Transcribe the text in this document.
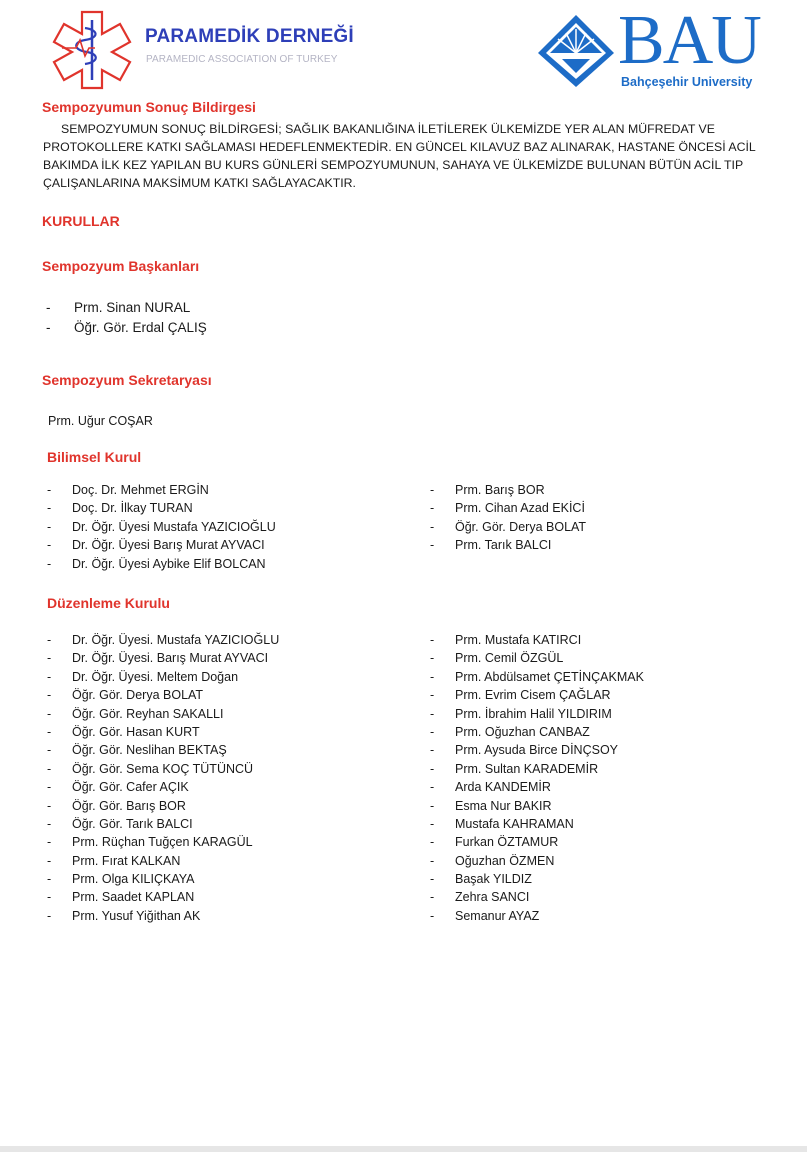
PARAMEDİK DERNEĞİ
PARAMEDIC ASSOCIATION OF TURKEY	BAU
Bahçeşehir University
Sempozyumun Sonuç Bildirgesi

SEMPOZYUMUN SONUÇ BİLDİRGESİ; SAĞLIK BAKANLIĞINA İLETİLEREK ÜLKEMİZDE YER ALAN MÜFREDAT VE PROTOKOLLERE KATKI SAĞLAMASI HEDEFLENMEKTEDİR. EN GÜNCEL KILAVUZ BAZ ALINARAK, HASTANE ÖNCESİ ACİL BAKIMDA İLK KEZ YAPILAN BU KURS GÜNLERİ SEMPOZYUMUNUN, SAHAYA VE ÜLKEMİZDE BULUNAN BÜTÜN ACİL TIP ÇALIŞANLARINA MAKSİMUM KATKI SAĞLAYACAKTIR.

KURULLAR
Sempozyum Başkanları
- Prm. Sinan NURAL
- Öğr. Gör. Erdal ÇALIŞ
Sempozyum Sekretaryası
Prm. Uğur COŞAR
Bilimsel Kurul
- Doç. Dr. Mehmet ERGİN
- Doç. Dr. İlkay TURAN
- Dr. Öğr. Üyesi Mustafa YAZICIOĞLU
- Dr. Öğr. Üyesi Barış Murat AYVACI
- Dr. Öğr. Üyesi Aybike Elif BOLCAN
- Prm. Barış BOR
- Prm. Cihan Azad EKİCİ
- Öğr. Gör. Derya BOLAT
- Prm. Tarık BALCI
Düzenleme Kurulu
- Dr. Öğr. Üyesi. Mustafa YAZICIOĞLU
- Dr. Öğr. Üyesi. Barış Murat AYVACI
- Dr. Öğr. Üyesi. Meltem Doğan
- Öğr. Gör. Derya BOLAT
- Öğr. Gör. Reyhan SAKALLI
- Öğr. Gör. Hasan KURT
- Öğr. Gör. Neslihan BEKTAŞ
- Öğr. Gör. Sema KOÇ TÜTÜNCÜ
- Öğr. Gör. Cafer AÇIK
- Öğr. Gör. Barış BOR
- Öğr. Gör. Tarık BALCI
- Prm. Rüçhan Tuğçen KARAGÜL
- Prm. Fırat KALKAN
- Prm. Olga KILIÇKAYA
- Prm. Saadet KAPLAN
- Prm. Yusuf Yiğithan AK
- Prm. Mustafa KATIRCI
- Prm. Cemil ÖZGÜL
- Prm. Abdülsamet ÇETİNÇAKMAK
- Prm. Evrim Cisem ÇAĞLAR
- Prm. İbrahim Halil YILDIRIM
- Prm. Oğuzhan CANBAZ
- Prm. Aysuda Birce DİNÇSOY
- Prm. Sultan KARADEMİR
- Arda KANDEMİR
- Esma Nur BAKIR
- Mustafa KAHRAMAN
- Furkan ÖZTAMUR
- Oğuzhan ÖZMEN
- Başak YILDIZ
- Zehra SANCI
- Semanur AYAZ
